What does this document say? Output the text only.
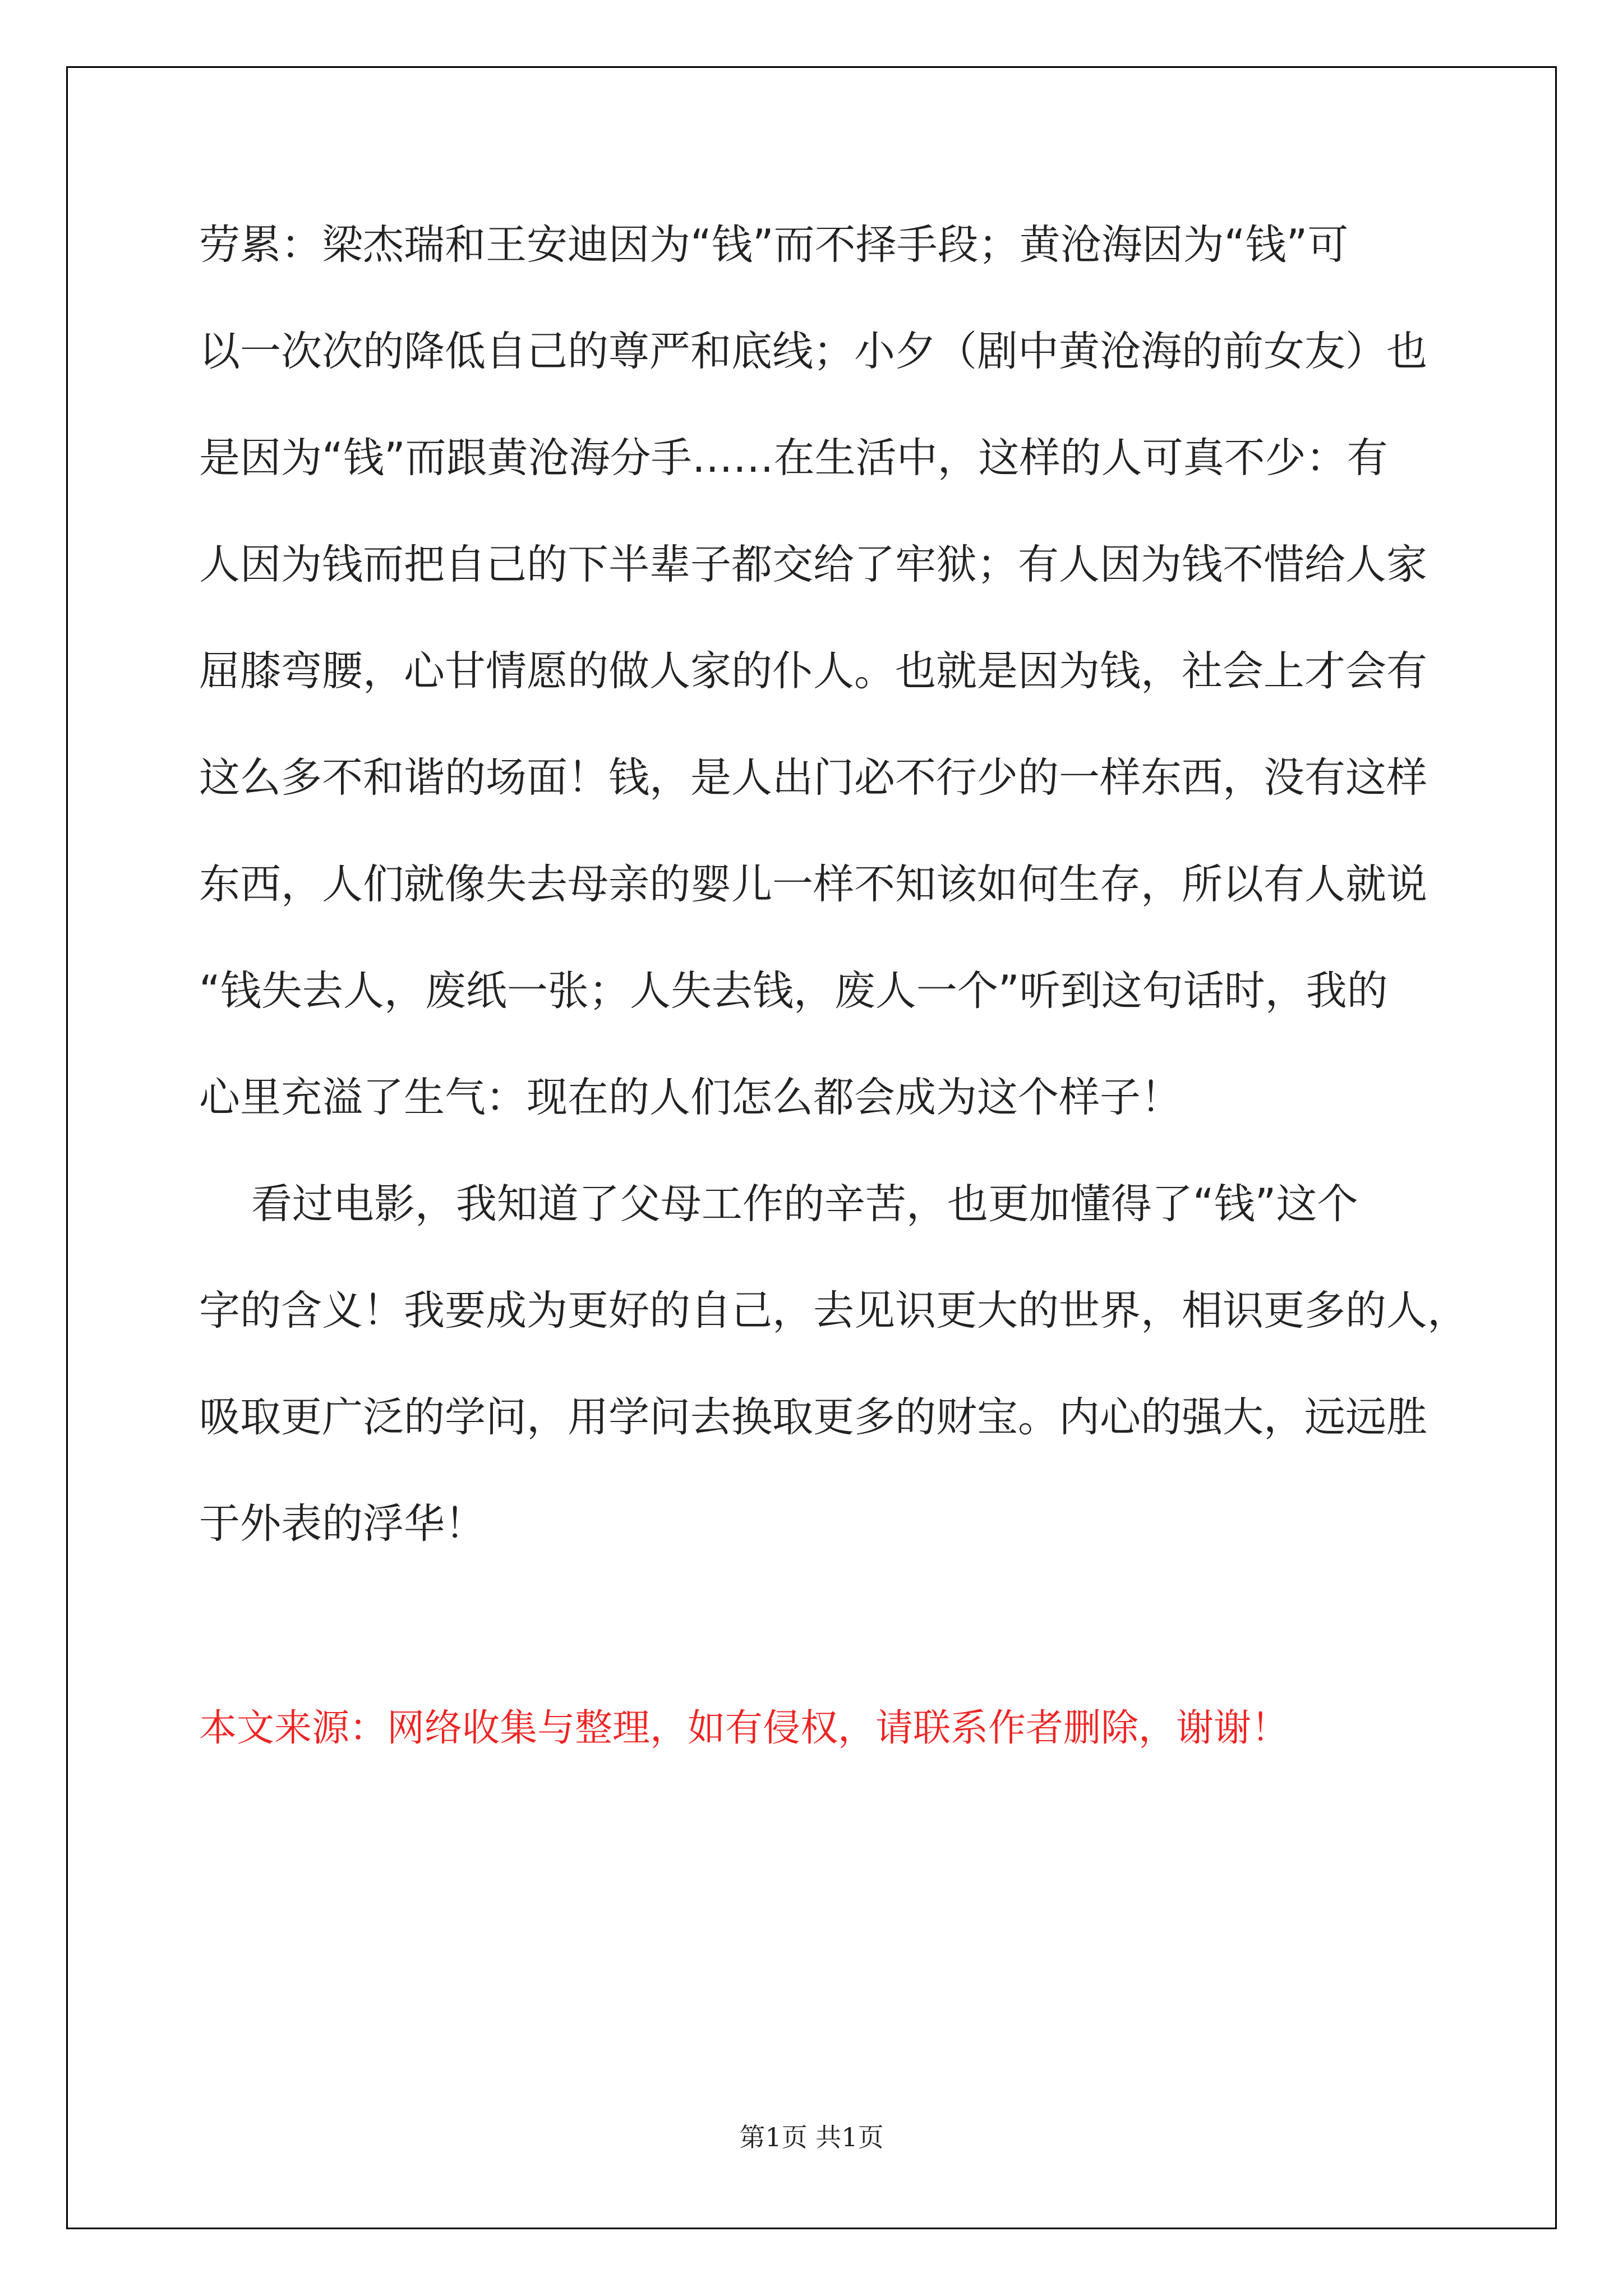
劳累：梁杰瑞和王安迪因为“钱”而不择手段；黄沧海因为“钱”可
以一次次的降低自己的尊严和底线；小夕（剧中黄沧海的前女友）也
是因为“钱”而跟黄沧海分手……在生活中，这样的人可真不少：有
人因为钱而把自己的下半辈子都交给了牢狱；有人因为钱不惜给人家
屈膝弯腰，心甘情愿的做人家的仆人。也就是因为钱，社会上才会有
这么多不和谐的场面！钱，是人出门必不行少的一样东西，没有这样
东西，人们就像失去母亲的婴儿一样不知该如何生存，所以有人就说
“钱失去人，废纸一张；人失去钱，废人一个”听到这句话时，我的
心里充溢了生气：现在的人们怎么都会成为这个样子！
看过电影，我知道了父母工作的辛苦，也更加懂得了“钱”这个
字的含义！我要成为更好的自己，去见识更大的世界，相识更多的人，
吸取更广泛的学问，用学问去换取更多的财宝。内心的强大，远远胜
于外表的浮华！
本文来源：网络收集与整理，如有侵权，请联系作者删除，谢谢！
第1页 共1页
